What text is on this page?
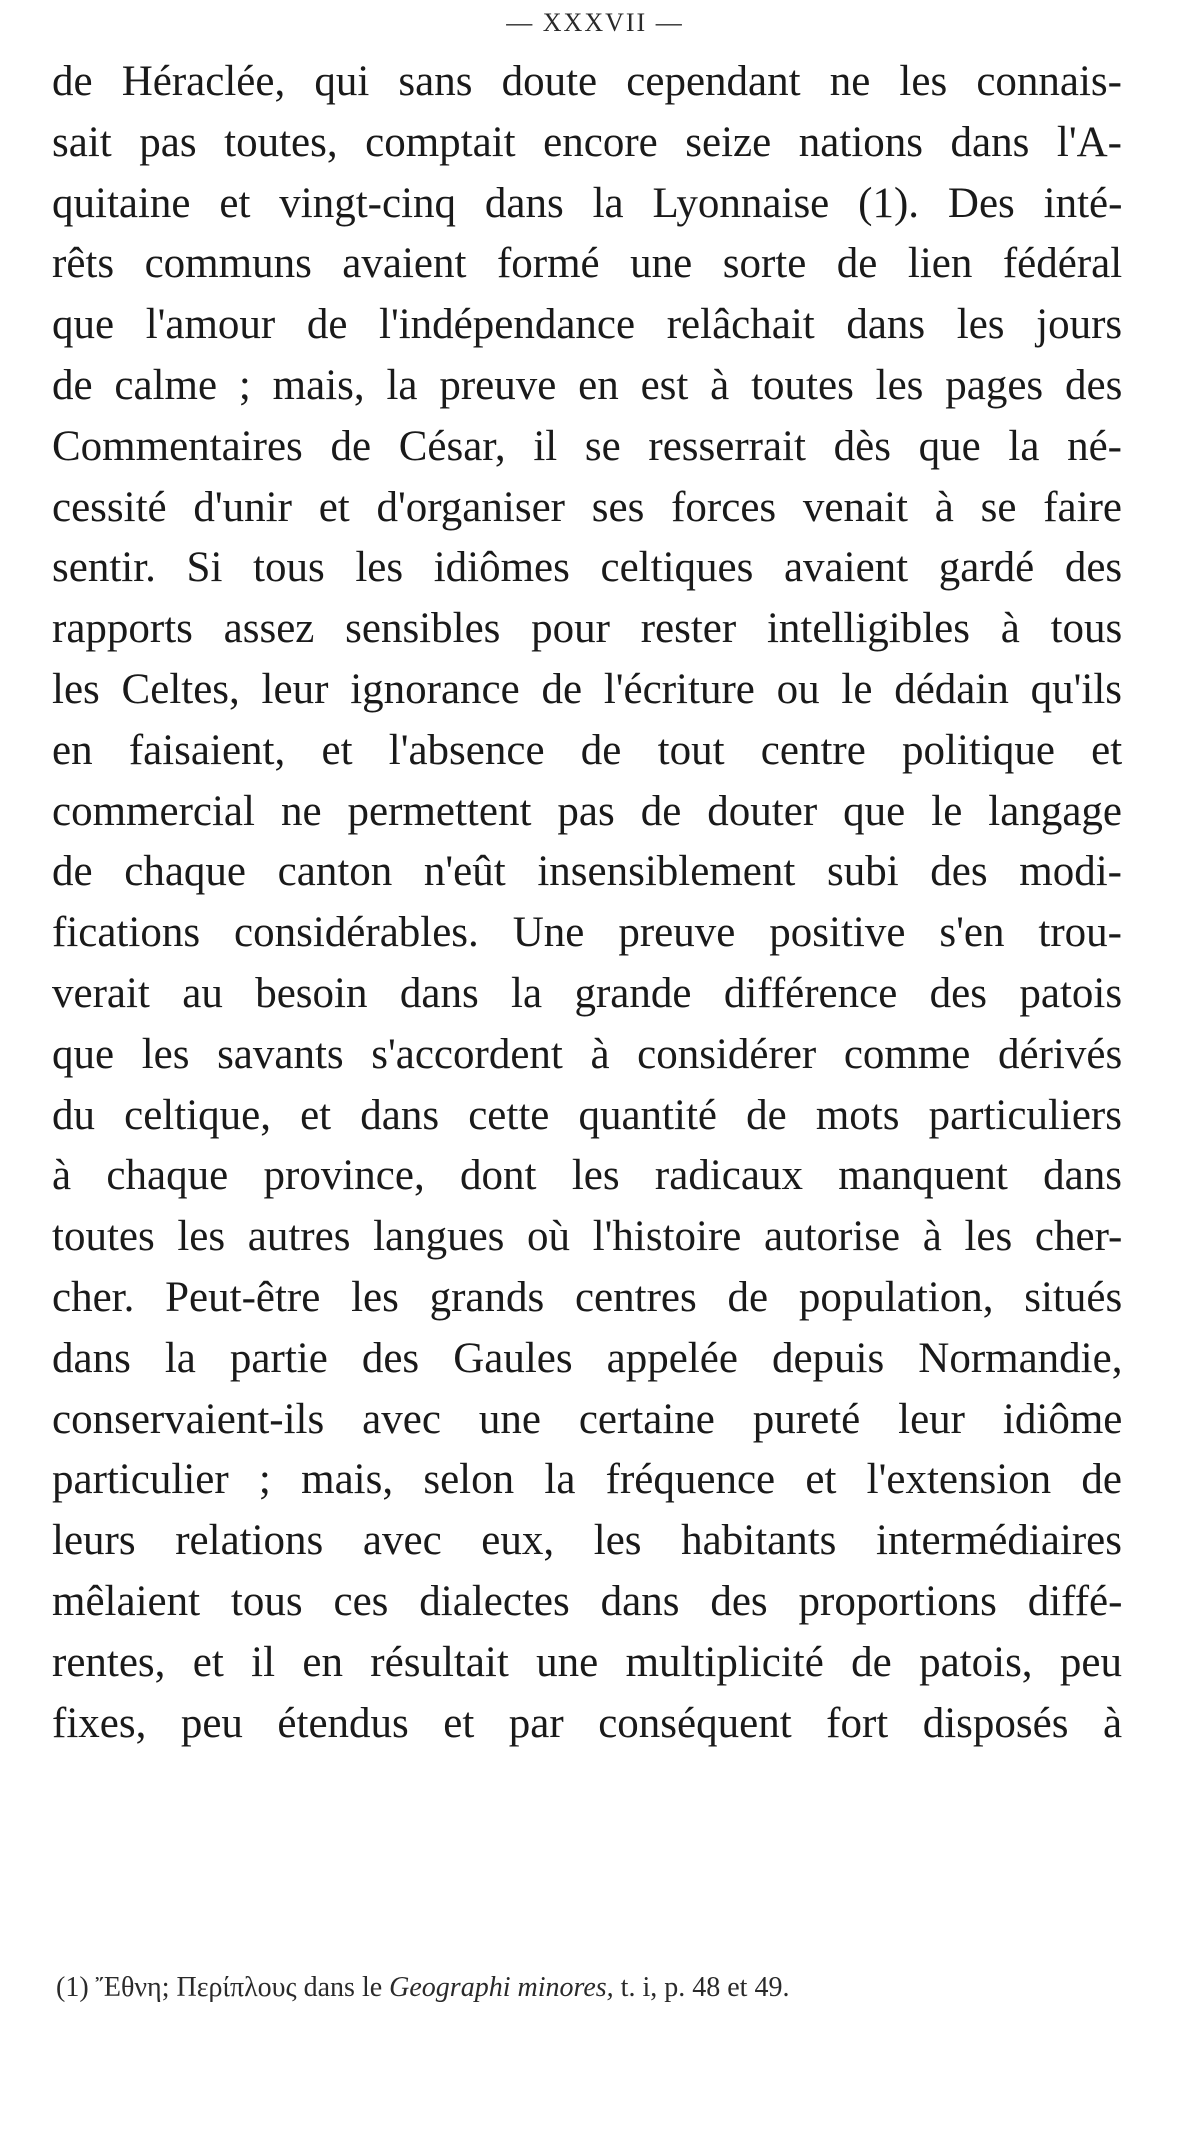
— XXXVII —
de Héraclée, qui sans doute cependant ne les connais-
sait pas toutes, comptait encore seize nations dans l'A-
quitaine et vingt-cinq dans la Lyonnaise (1). Des inté-
rêts communs avaient formé une sorte de lien fédéral
que l'amour de l'indépendance relâchait dans les jours
de calme ; mais, la preuve en est à toutes les pages des
Commentaires de César, il se resserrait dès que la né-
cessité d'unir et d'organiser ses forces venait à se faire
sentir. Si tous les idiômes celtiques avaient gardé des
rapports assez sensibles pour rester intelligibles à tous
les Celtes, leur ignorance de l'écriture ou le dédain qu'ils
en faisaient, et l'absence de tout centre politique et
commercial ne permettent pas de douter que le langage
de chaque canton n'eût insensiblement subi des modi-
fications considérables. Une preuve positive s'en trou-
verait au besoin dans la grande différence des patois
que les savants s'accordent à considérer comme dérivés
du celtique, et dans cette quantité de mots particuliers
à chaque province, dont les radicaux manquent dans
toutes les autres langues où l'histoire autorise à les cher-
cher. Peut-être les grands centres de population, situés
dans la partie des Gaules appelée depuis Normandie,
conservaient-ils avec une certaine pureté leur idiôme
particulier ; mais, selon la fréquence et l'extension de
leurs relations avec eux, les habitants intermédiaires
mêlaient tous ces dialectes dans des proportions diffé-
rentes, et il en résultait une multiplicité de patois, peu
fixes, peu étendus et par conséquent fort disposés à
(1) Ἔθνη; Περίπλους dans le Geographi minores, t. i, p. 48 et 49.
